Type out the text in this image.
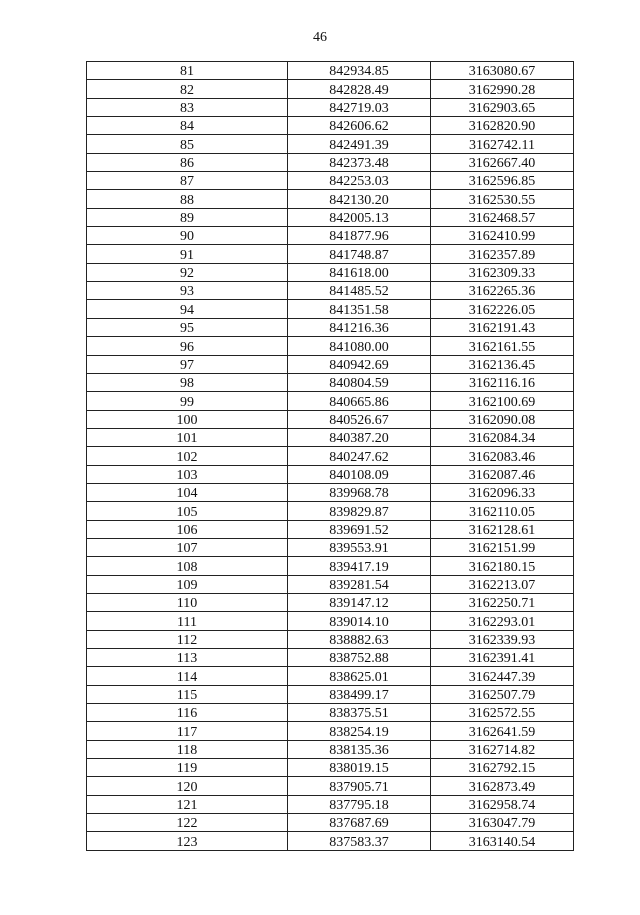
46
81	842934.85	3163080.67
82	842828.49	3162990.28
83	842719.03	3162903.65
84	842606.62	3162820.90
85	842491.39	3162742.11
86	842373.48	3162667.40
87	842253.03	3162596.85
88	842130.20	3162530.55
89	842005.13	3162468.57
90	841877.96	3162410.99
91	841748.87	3162357.89
92	841618.00	3162309.33
93	841485.52	3162265.36
94	841351.58	3162226.05
95	841216.36	3162191.43
96	841080.00	3162161.55
97	840942.69	3162136.45
98	840804.59	3162116.16
99	840665.86	3162100.69
100	840526.67	3162090.08
101	840387.20	3162084.34
102	840247.62	3162083.46
103	840108.09	3162087.46
104	839968.78	3162096.33
105	839829.87	3162110.05
106	839691.52	3162128.61
107	839553.91	3162151.99
108	839417.19	3162180.15
109	839281.54	3162213.07
110	839147.12	3162250.71
111	839014.10	3162293.01
112	838882.63	3162339.93
113	838752.88	3162391.41
114	838625.01	3162447.39
115	838499.17	3162507.79
116	838375.51	3162572.55
117	838254.19	3162641.59
118	838135.36	3162714.82
119	838019.15	3162792.15
120	837905.71	3162873.49
121	837795.18	3162958.74
122	837687.69	3163047.79
123	837583.37	3163140.54
